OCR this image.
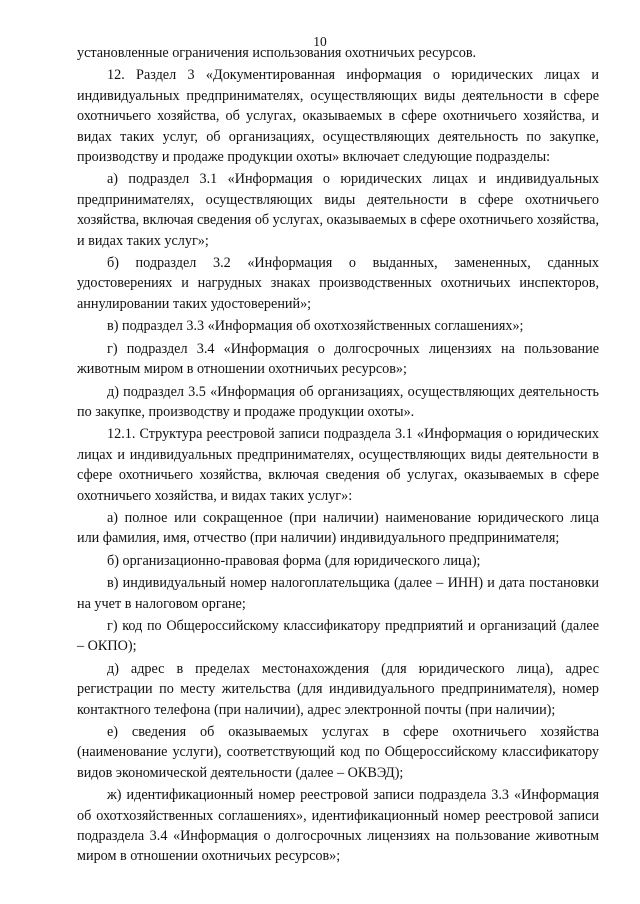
10

установленные ограничения использования охотничьих ресурсов.

12. Раздел 3 «Документированная информация о юридических лицах и индивидуальных предпринимателях, осуществляющих виды деятельности в сфере охотничьего хозяйства, об услугах, оказываемых в сфере охотничьего хозяйства, и видах таких услуг, об организациях, осуществляющих деятельность по закупке, производству и продаже продукции охоты» включает следующие подразделы:

а) подраздел 3.1 «Информация о юридических лицах и индивидуальных предпринимателях, осуществляющих виды деятельности в сфере охотничьего хозяйства, включая сведения об услугах, оказываемых в сфере охотничьего хозяйства, и видах таких услуг»;

б) подраздел 3.2 «Информация о выданных, замененных, сданных удостоверениях и нагрудных знаках производственных охотничьих инспекторов, аннулировании таких удостоверений»;

в) подраздел 3.3 «Информация об охотхозяйственных соглашениях»;

г) подраздел 3.4 «Информация о долгосрочных лицензиях на пользование животным миром в отношении охотничьих ресурсов»;

д) подраздел 3.5 «Информация об организациях, осуществляющих деятельность по закупке, производству и продаже продукции охоты».

12.1. Структура реестровой записи подраздела 3.1 «Информация о юридических лицах и индивидуальных предпринимателях, осуществляющих виды деятельности в сфере охотничьего хозяйства, включая сведения об услугах, оказываемых в сфере охотничьего хозяйства, и видах таких услуг»:

а) полное или сокращенное (при наличии) наименование юридического лица или фамилия, имя, отчество (при наличии) индивидуального предпринимателя;

б) организационно-правовая форма (для юридического лица);

в) индивидуальный номер налогоплательщика (далее – ИНН) и дата постановки на учет в налоговом органе;

г) код по Общероссийскому классификатору предприятий и организаций (далее – ОКПО);

д) адрес в пределах местонахождения (для юридического лица), адрес регистрации по месту жительства (для индивидуального предпринимателя), номер контактного телефона (при наличии), адрес электронной почты (при наличии);

е) сведения об оказываемых услугах в сфере охотничьего хозяйства (наименование услуги), соответствующий код по Общероссийскому классификатору видов экономической деятельности (далее – ОКВЭД);

ж) идентификационный номер реестровой записи подраздела 3.3 «Информация об охотхозяйственных соглашениях», идентификационный номер реестровой записи подраздела 3.4 «Информация о долгосрочных лицензиях на пользование животным миром в отношении охотничьих ресурсов»;
